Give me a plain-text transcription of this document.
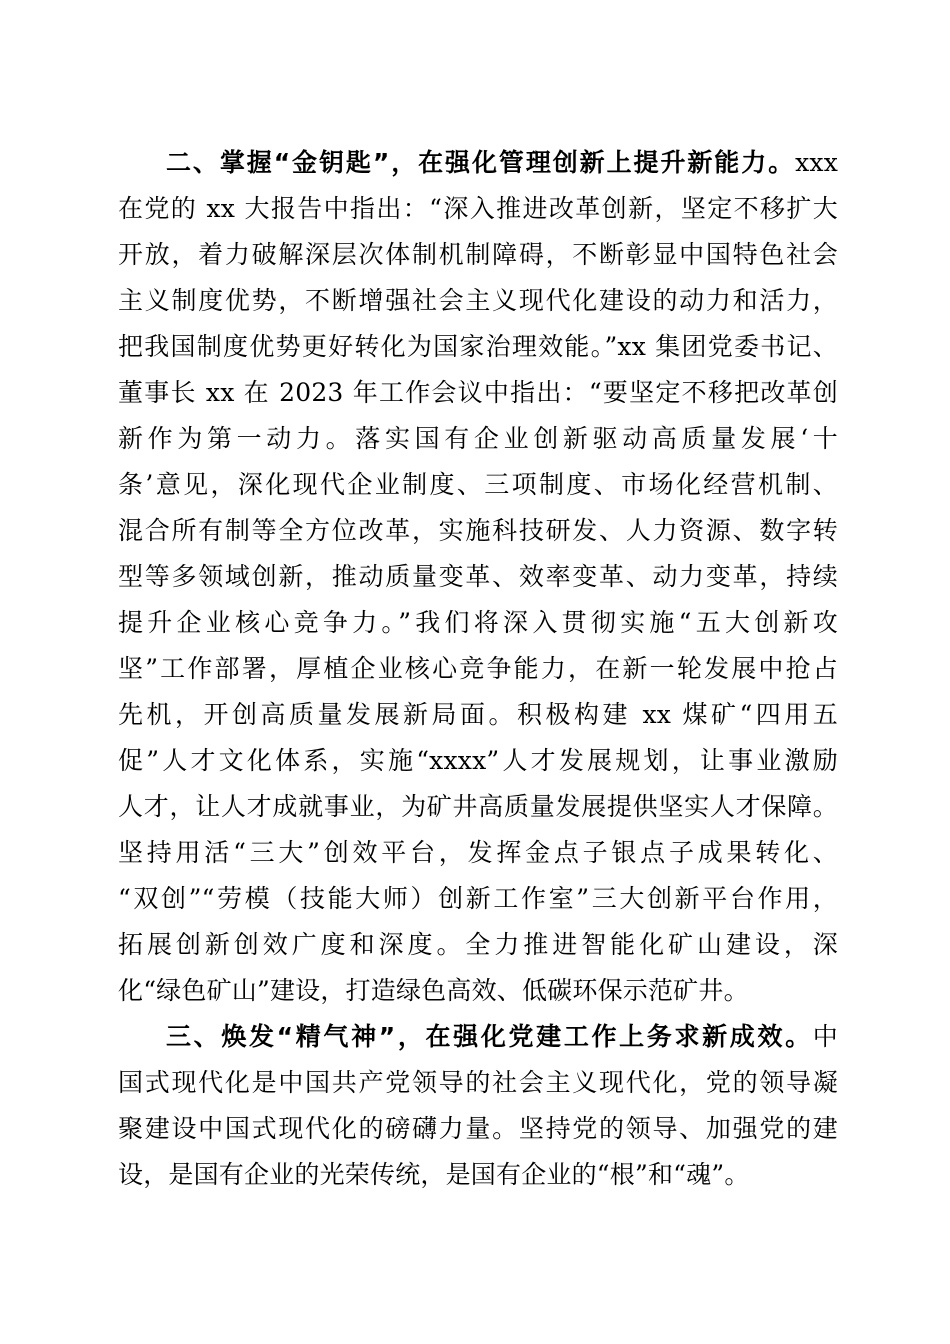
二、掌握“金钥匙”，在强化管理创新上提升新能力。xxx
在党的 xx 大报告中指出：“深入推进改革创新，坚定不移扩大
开放，着力破解深层次体制机制障碍，不断彰显中国特色社会
主义制度优势，不断增强社会主义现代化建设的动力和活力，
把我国制度优势更好转化为国家治理效能。”xx 集团党委书记、
董事长 xx 在 2023 年工作会议中指出：“要坚定不移把改革创
新作为第一动力。落实国有企业创新驱动高质量发展‘十
条’意见，深化现代企业制度、三项制度、市场化经营机制、
混合所有制等全方位改革，实施科技研发、人力资源、数字转
型等多领域创新，推动质量变革、效率变革、动力变革，持续
提升企业核心竞争力。”我们将深入贯彻实施“五大创新攻
坚”工作部署，厚植企业核心竞争能力，在新一轮发展中抢占
先机，开创高质量发展新局面。积极构建 xx 煤矿“四用五
促”人才文化体系，实施“xxxx”人才发展规划，让事业激励
人才，让人才成就事业，为矿井高质量发展提供坚实人才保障。
坚持用活“三大”创效平台，发挥金点子银点子成果转化、
“双创”“劳模（技能大师）创新工作室”三大创新平台作用，
拓展创新创效广度和深度。全力推进智能化矿山建设，深
化“绿色矿山”建设，打造绿色高效、低碳环保示范矿井。
三、焕发“精气神”，在强化党建工作上务求新成效。中
国式现代化是中国共产党领导的社会主义现代化，党的领导凝
聚建设中国式现代化的磅礴力量。坚持党的领导、加强党的建
设，是国有企业的光荣传统，是国有企业的“根”和“魂”。
